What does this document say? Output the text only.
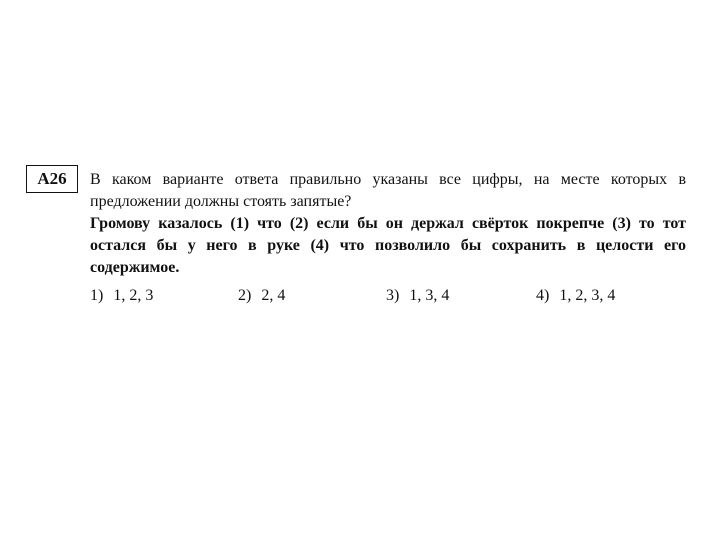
А26	В каком варианте ответа правильно указаны все цифры, на месте которых в предложении должны стоять запятые?
Громову казалось (1) что (2) если бы он держал свёрток покрепче (3) то тот остался бы у него в руке (4) что позволило бы сохранить в целости его содержимое.
1) 1, 2, 3	2) 2, 4	3) 1, 3, 4	4) 1, 2, 3, 4
